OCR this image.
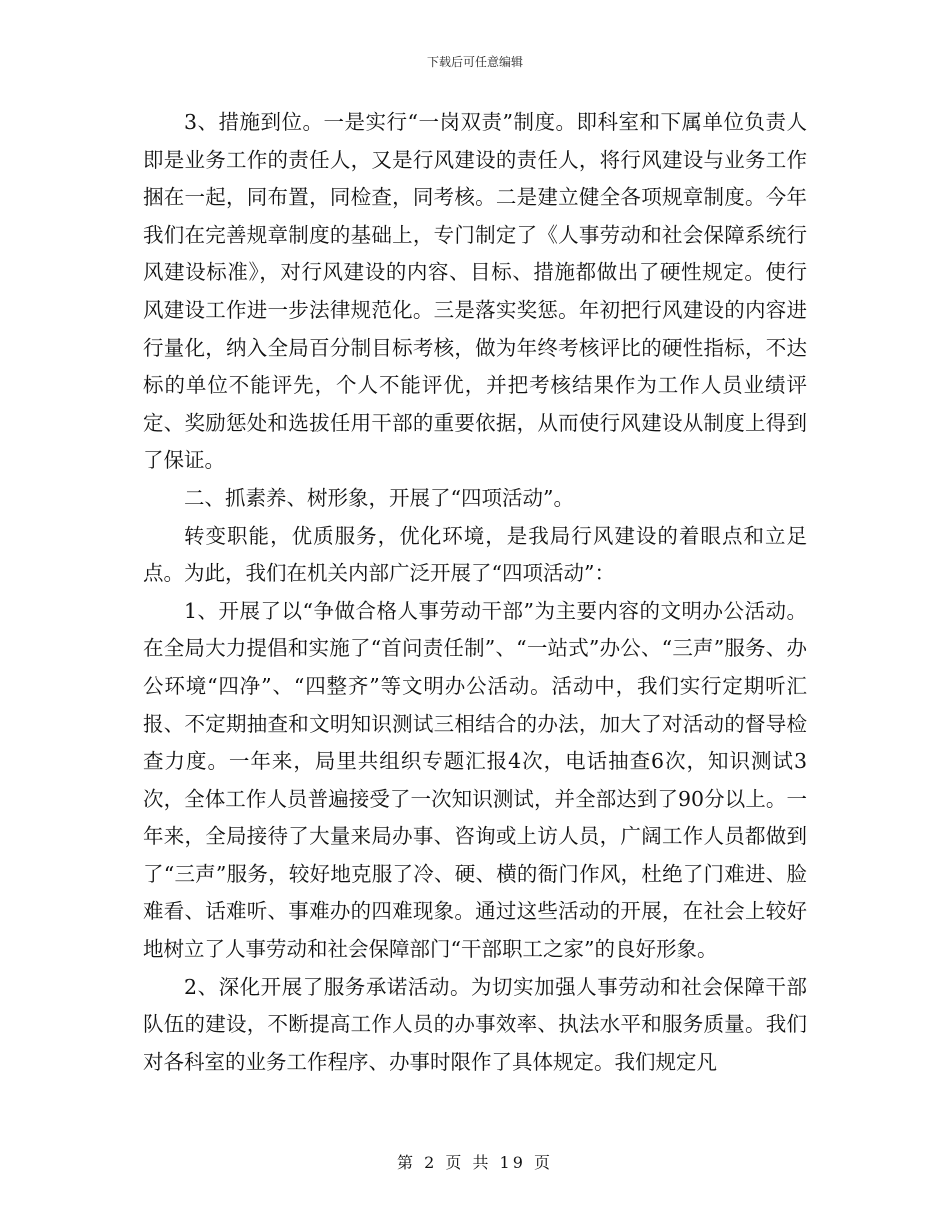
下载后可任意编辑

3、措施到位。一是实行“一岗双责”制度。即科室和下属单位负责人即是业务工作的责任人，又是行风建设的责任人，将行风建设与业务工作捆在一起，同布置，同检查，同考核。二是建立健全各项规章制度。今年我们在完善规章制度的基础上，专门制定了《人事劳动和社会保障系统行风建设标准》，对行风建设的内容、目标、措施都做出了硬性规定。使行风建设工作进一步法律规范化。三是落实奖惩。年初把行风建设的内容进行量化，纳入全局百分制目标考核，做为年终考核评比的硬性指标，不达标的单位不能评先，个人不能评优，并把考核结果作为工作人员业绩评定、奖励惩处和选拔任用干部的重要依据，从而使行风建设从制度上得到了保证。

二、抓素养、树形象，开展了“四项活动”。

转变职能，优质服务，优化环境，是我局行风建设的着眼点和立足点。为此，我们在机关内部广泛开展了“四项活动”：

1、开展了以“争做合格人事劳动干部”为主要内容的文明办公活动。在全局大力提倡和实施了“首问责任制”、“一站式”办公、“三声”服务、办公环境“四净”、“四整齐”等文明办公活动。活动中，我们实行定期听汇报、不定期抽查和文明知识测试三相结合的办法，加大了对活动的督导检查力度。一年来，局里共组织专题汇报4次，电话抽查6次，知识测试3次，全体工作人员普遍接受了一次知识测试，并全部达到了90分以上。一年来，全局接待了大量来局办事、咨询或上访人员，广阔工作人员都做到了“三声”服务，较好地克服了冷、硬、横的衙门作风，杜绝了门难进、脸难看、话难听、事难办的四难现象。通过这些活动的开展，在社会上较好地树立了人事劳动和社会保障部门“干部职工之家”的良好形象。

2、深化开展了服务承诺活动。为切实加强人事劳动和社会保障干部队伍的建设，不断提高工作人员的办事效率、执法水平和服务质量。我们对各科室的业务工作程序、办事时限作了具体规定。我们规定凡

第 2 页 共 19 页
